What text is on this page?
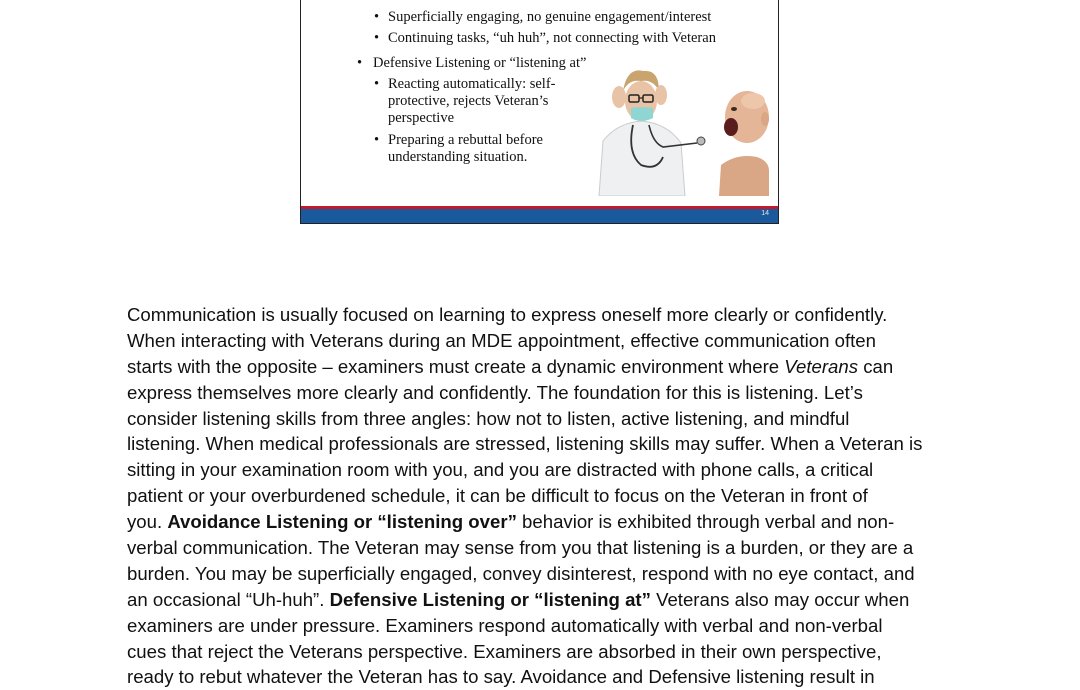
• Superficially engaging, no genuine engagement/interest
• Continuing tasks, “uh huh”, not connecting with Veteran
• Defensive Listening or “listening at”
• Reacting automatically: self-
protective, rejects Veteran’s
perspective
• Preparing a rebuttal before
understanding situation.
14
Communication is usually focused on learning to express oneself more clearly or confidently.
When interacting with Veterans during an MDE appointment, effective communication often
starts with the opposite – examiners must create a dynamic environment where Veterans can
express themselves more clearly and confidently. The foundation for this is listening. Let’s
consider listening skills from three angles: how not to listen, active listening, and mindful
listening. When medical professionals are stressed, listening skills may suffer. When a Veteran is
sitting in your examination room with you, and you are distracted with phone calls, a critical
patient or your overburdened schedule, it can be difficult to focus on the Veteran in front of
you. Avoidance Listening or “listening over” behavior is exhibited through verbal and non-
verbal communication. The Veteran may sense from you that listening is a burden, or they are a
burden. You may be superficially engaged, convey disinterest, respond with no eye contact, and
an occasional “Uh-huh”. Defensive Listening or “listening at” Veterans also may occur when
examiners are under pressure. Examiners respond automatically with verbal and non-verbal
cues that reject the Veterans perspective. Examiners are absorbed in their own perspective,
ready to rebut whatever the Veteran has to say. Avoidance and Defensive listening result in
